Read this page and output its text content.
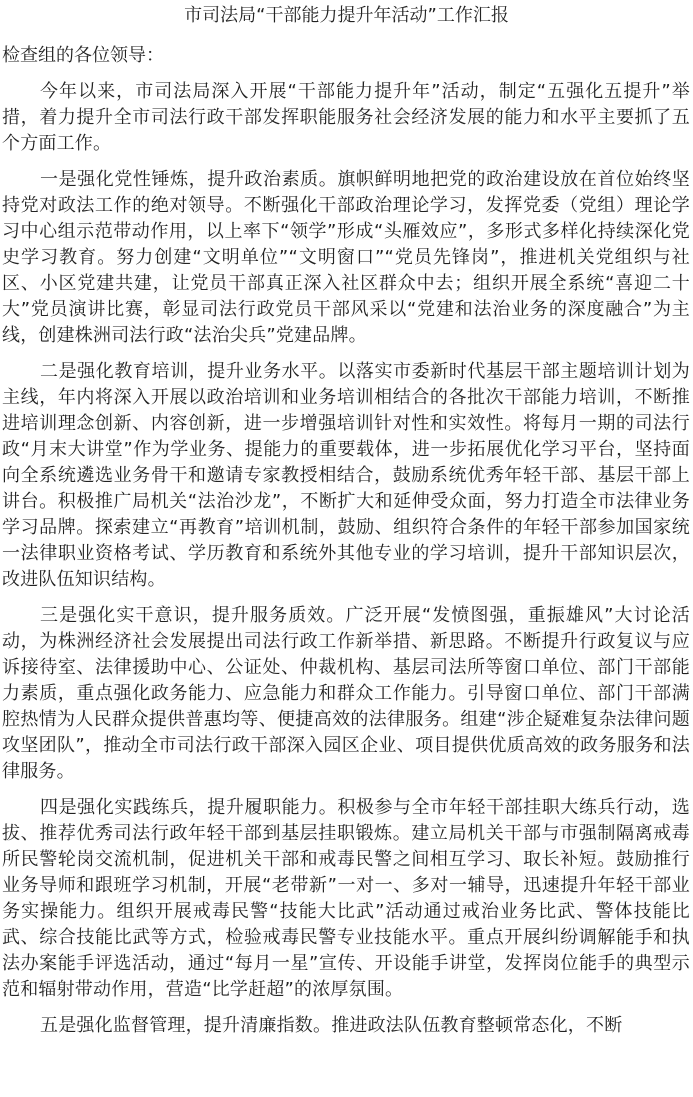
市司法局“干部能力提升年活动”工作汇报
检查组的各位领导：

今年以来，市司法局深入开展“干部能力提升年”活动，制定“五强化五提升”举措，着力提升全市司法行政干部发挥职能服务社会经济发展的能力和水平主要抓了五个方面工作。

一是强化党性锤炼，提升政治素质。旗帜鲜明地把党的政治建设放在首位始终坚持党对政法工作的绝对领导。不断强化干部政治理论学习，发挥党委（党组）理论学习中心组示范带动作用，以上率下“领学”形成“头雁效应”，多形式多样化持续深化党史学习教育。努力创建“文明单位”“文明窗口”“党员先锋岗”，推进机关党组织与社区、小区党建共建，让党员干部真正深入社区群众中去；组织开展全系统“喜迎二十大”党员演讲比赛，彰显司法行政党员干部风采以“党建和法治业务的深度融合”为主线，创建株洲司法行政“法治尖兵”党建品牌。

二是强化教育培训，提升业务水平。以落实市委新时代基层干部主题培训计划为主线，年内将深入开展以政治培训和业务培训相结合的各批次干部能力培训，不断推进培训理念创新、内容创新，进一步增强培训针对性和实效性。将每月一期的司法行政“月末大讲堂”作为学业务、提能力的重要载体，进一步拓展优化学习平台，坚持面向全系统遴选业务骨干和邀请专家教授相结合，鼓励系统优秀年轻干部、基层干部上讲台。积极推广局机关“法治沙龙”，不断扩大和延伸受众面，努力打造全市法律业务学习品牌。探索建立“再教育”培训机制，鼓励、组织符合条件的年轻干部参加国家统一法律职业资格考试、学历教育和系统外其他专业的学习培训，提升干部知识层次，改进队伍知识结构。

三是强化实干意识，提升服务质效。广泛开展“发愤图强，重振雄风”大讨论活动，为株洲经济社会发展提出司法行政工作新举措、新思路。不断提升行政复议与应诉接待室、法律援助中心、公证处、仲裁机构、基层司法所等窗口单位、部门干部能力素质，重点强化政务能力、应急能力和群众工作能力。引导窗口单位、部门干部满腔热情为人民群众提供普惠均等、便捷高效的法律服务。组建“涉企疑难复杂法律问题攻坚团队”，推动全市司法行政干部深入园区企业、项目提供优质高效的政务服务和法律服务。

四是强化实践练兵，提升履职能力。积极参与全市年轻干部挂职大练兵行动，选拔、推荐优秀司法行政年轻干部到基层挂职锻炼。建立局机关干部与市强制隔离戒毒所民警轮岗交流机制，促进机关干部和戒毒民警之间相互学习、取长补短。鼓励推行业务导师和跟班学习机制，开展“老带新”一对一、多对一辅导，迅速提升年轻干部业务实操能力。组织开展戒毒民警“技能大比武”活动通过戒治业务比武、警体技能比武、综合技能比武等方式，检验戒毒民警专业技能水平。重点开展纠纷调解能手和执法办案能手评选活动，通过“每月一星”宣传、开设能手讲堂，发挥岗位能手的典型示范和辐射带动作用，营造“比学赶超”的浓厚氛围。

五是强化监督管理，提升清廉指数。推进政法队伍教育整顿常态化，不断
